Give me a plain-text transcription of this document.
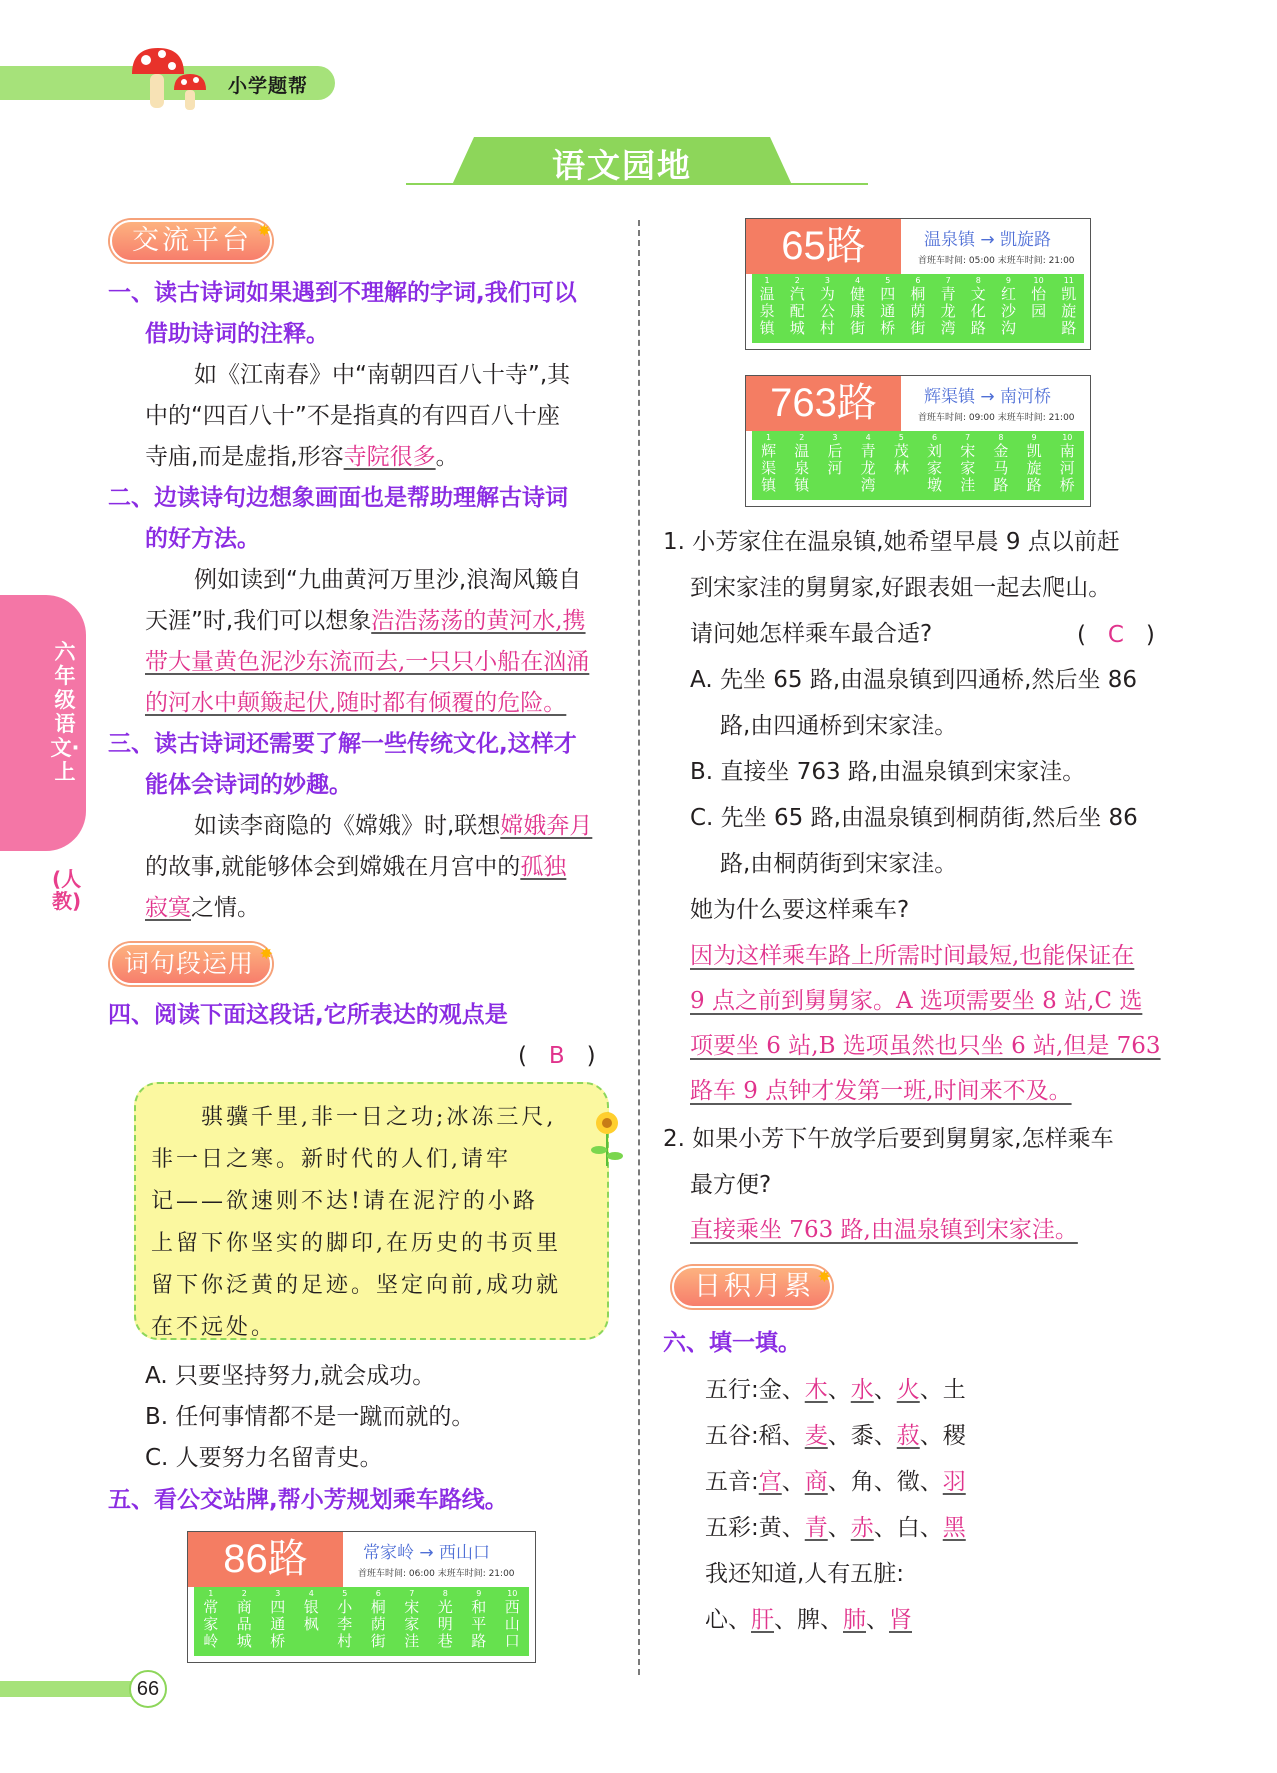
小学题帮
语文园地
六年级语文·上
(人教)
交流平台 ✸
一、读古诗词如果遇到不理解的字词,我们可以
借助诗词的注释。
如《江南春》中“南朝四百八十寺”,其
中的“四百八十”不是指真的有四百八十座
寺庙,而是虚指,形容寺院很多。
二、边读诗句边想象画面也是帮助理解古诗词
的好方法。
例如读到“九曲黄河万里沙,浪淘风簸自
天涯”时,我们可以想象浩浩荡荡的黄河水,携
带大量黄色泥沙东流而去,一只只小船在汹涌
的河水中颠簸起伏,随时都有倾覆的危险。
三、读古诗词还需要了解一些传统文化,这样才
能体会诗词的妙趣。
如读李商隐的《嫦娥》时,联想嫦娥奔月
的故事,就能够体会到嫦娥在月宫中的孤独
寂寞之情。
词句段运用 ✸
四、阅读下面这段话,它所表达的观点是
( B )
骐骥千里,非一日之功;冰冻三尺,
非一日之寒。新时代的人们,请牢
记——欲速则不达!请在泥泞的小路
上留下你坚实的脚印,在历史的书页里
留下你泛黄的足迹。坚定向前,成功就
在不远处。
A. 只要坚持努力,就会成功。
B. 任何事情都不是一蹴而就的。
C. 人要努力名留青史。
五、看公交站牌,帮小芳规划乘车路线。
86路	常家岭 → 西山口
首班车时间: 06:00 末班车时间: 21:00
1
常
家
岭
2
商
品
城
3
四
通
桥
4
银
枫
5
小
李
村
6
桐
荫
街
7
宋
家
洼
8
光
明
巷
9
和
平
路
10
西
山
口
65路	温泉镇 → 凯旋路
首班车时间: 05:00 末班车时间: 21:00
1
温
泉
镇
2
汽
配
城
3
为
公
村
4
健
康
街
5
四
通
桥
6
桐
荫
街
7
青
龙
湾
8
文
化
路
9
红
沙
沟
10
怡
园
11
凯
旋
路
763路	辉渠镇 → 南河桥
首班车时间: 09:00 末班车时间: 21:00
1
辉
渠
镇
2
温
泉
镇
3
后
河
4
青
龙
湾
5
茂
林
6
刘
家
墩
7
宋
家
洼
8
金
马
路
9
凯
旋
路
10
南
河
桥
1. 小芳家住在温泉镇,她希望早晨 9 点以前赶
到宋家洼的舅舅家,好跟表姐一起去爬山。
请问她怎样乘车最合适?	( C )
A. 先坐 65 路,由温泉镇到四通桥,然后坐 86
路,由四通桥到宋家洼。
B. 直接坐 763 路,由温泉镇到宋家洼。
C. 先坐 65 路,由温泉镇到桐荫街,然后坐 86
路,由桐荫街到宋家洼。
她为什么要这样乘车?
因为这样乘车路上所需时间最短,也能保证在
9 点之前到舅舅家。A 选项需要坐 8 站,C 选
项要坐 6 站,B 选项虽然也只坐 6 站,但是 763
路车 9 点钟才发第一班,时间来不及。
2. 如果小芳下午放学后要到舅舅家,怎样乘车
最方便?
直接乘坐 763 路,由温泉镇到宋家洼。
日积月累 ✸
六、填一填。
五行:金、木、水、火、土
五谷:稻、麦、黍、菽、稷
五音:宫、商、角、徵、羽
五彩:黄、青、赤、白、黑
我还知道,人有五脏:
心、肝、脾、肺、肾
66
